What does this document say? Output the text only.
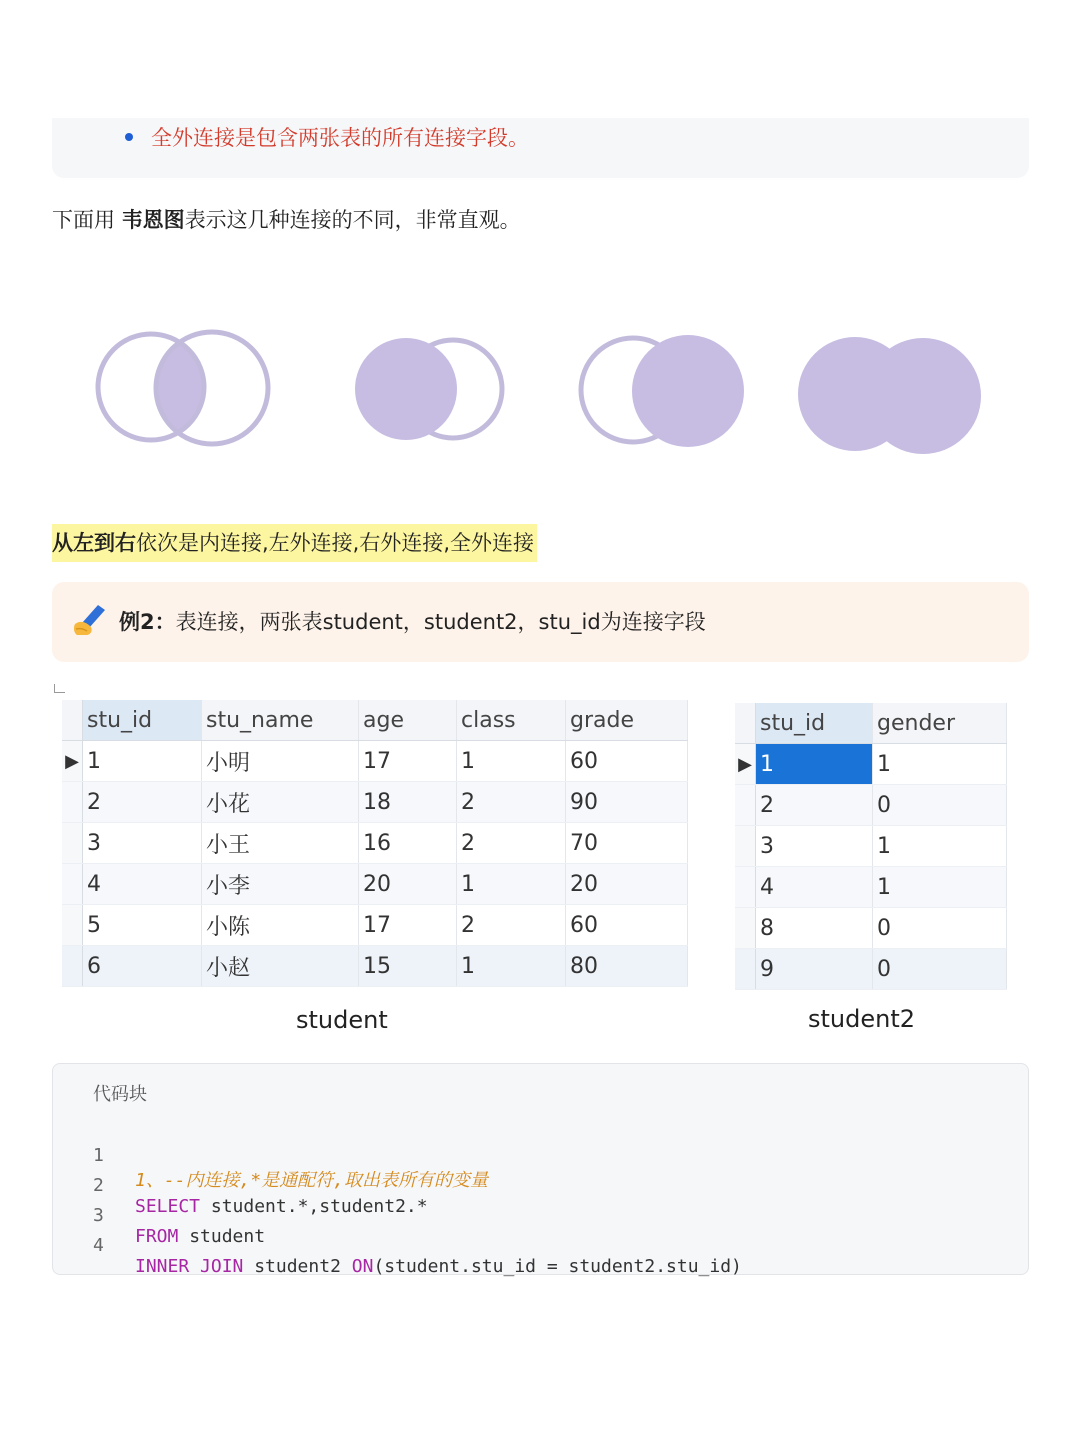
全外连接是包含两张表的所有连接字段。
下面用 韦恩图表示这几种连接的不同，非常直观。
从左到右依次是内连接,左外连接,右外连接,全外连接
例2：表连接，两张表student，student2，stu_id为连接字段
	stu_id	stu_name	age	class	grade
▶	1	小明	17	1	60
	2	小花	18	2	90
	3	小王	16	2	70
	4	小李	20	1	20
	5	小陈	17	2	60
	6	小赵	15	1	80
	stu_id	gender
▶	1	1
	2	0
	3	1
	4	1
	8	0
	9	0
student	student2
代码块

1

1、--内连接,*是通配符,取出表所有的变量

2

SELECT student.*,student2.*

3

FROM student

4

INNER JOIN student2 ON(student.stu_id = student2.stu_id)
